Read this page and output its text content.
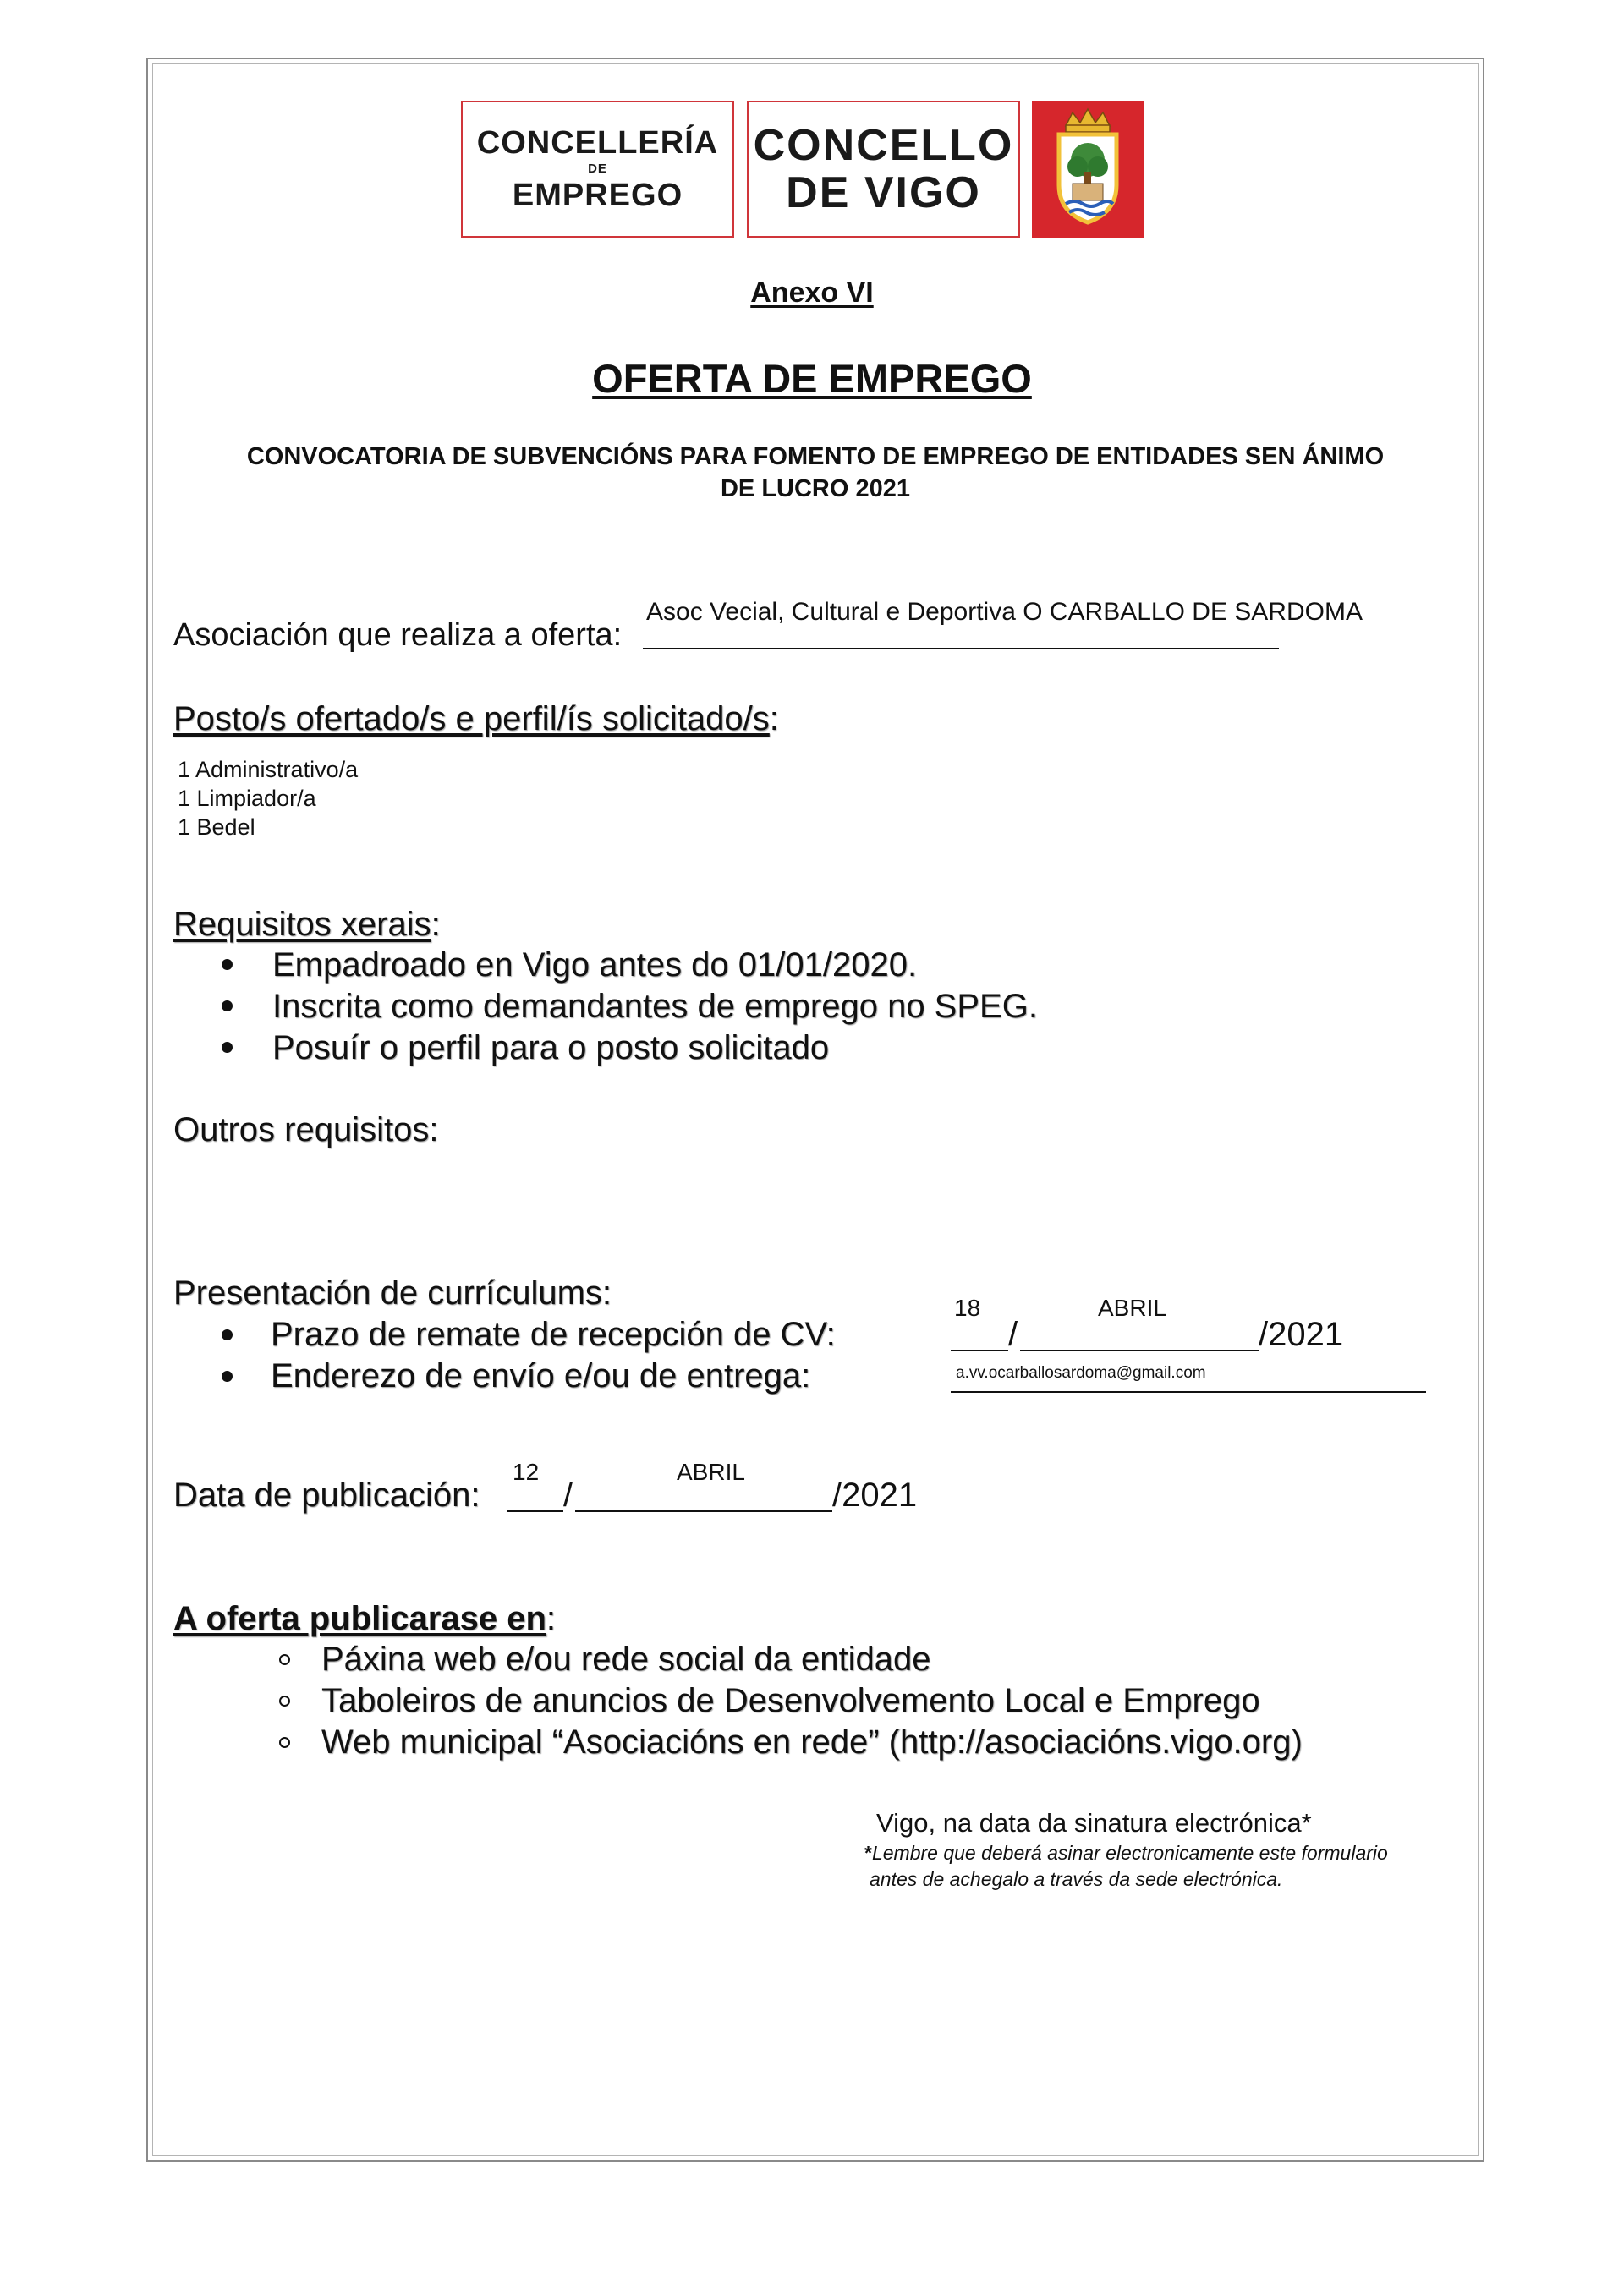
CONCELLERÍA
DE
EMPREGO
CONCELLO
DE VIGO
Anexo VI
OFERTA DE EMPREGO
CONVOCATORIA DE SUBVENCIÓNS PARA FOMENTO DE EMPREGO DE ENTIDADES SEN ÁNIMO
DE LUCRO 2021
Asoc Vecial, Cultural e Deportiva O CARBALLO DE SARDOMA
Asociación que realiza a oferta:
Posto/s ofertado/s e perfil/ís solicitado/s:
1 Administrativo/a
1 Limpiador/a
1 Bedel
Requisitos xerais:
Empadroado en Vigo antes do 01/01/2020.
Inscrita como demandantes de emprego no SPEG.
Posuír o perfil para o posto solicitado
Outros requisitos:
Presentación de currículums:
Prazo de remate de recepción de CV:
Enderezo de envío e/ou de entrega:
18	ABRIL
/	/2021
a.vv.ocarballosardoma@gmail.com
12	ABRIL
Data de publicación: /	/2021
A oferta publicarase en:
Páxina web e/ou rede social da entidade
Taboleiros de anuncios de Desenvolvemento Local e Emprego
Web municipal “Asociacións en rede” (http://asociacións.vigo.org)
Vigo, na data da sinatura electrónica*
*Lembre que deberá asinar electronicamente este formulario
antes de achegalo a través da sede electrónica.
